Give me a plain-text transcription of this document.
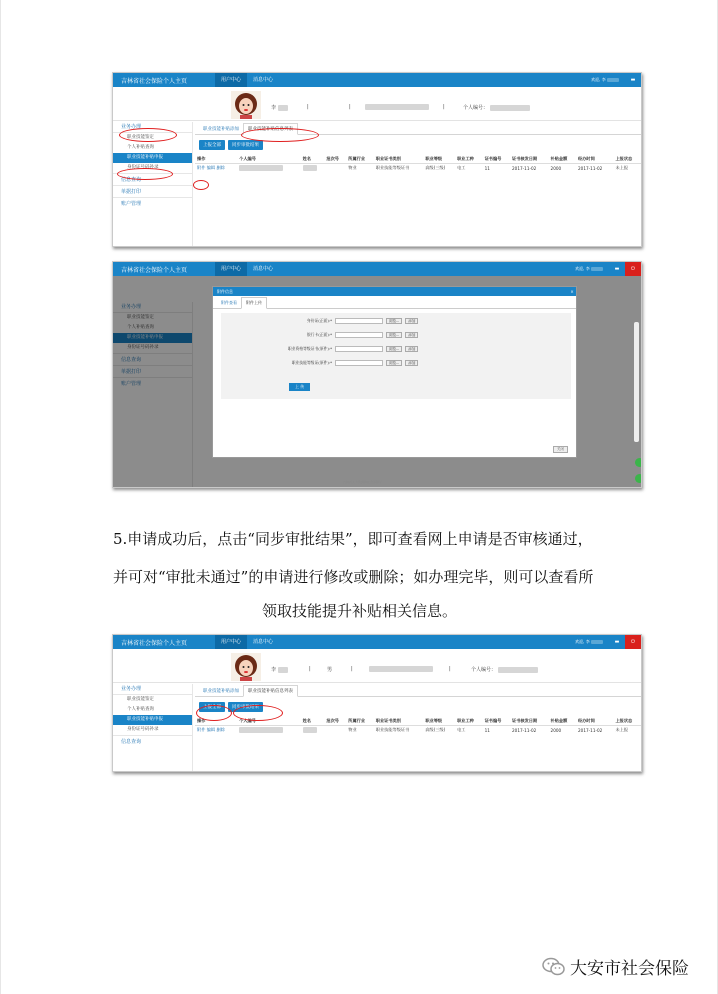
吉林省社会保险个人主页	用户中心	消息中心	欢迎, 李	▬
李	|	|	|	个人编号：
业务办理
职业技能鉴定
个人补贴查询
职业技能补贴申报
身份证号码补录
信息查询
单据打印
账户管理
职业技能补贴添加	职业技能补贴信息列表
上报全部	同步审批结果
操作	个人编号	姓名	批次号	所属行业	职业证书类别	职业等级	职业工种	证书编号	证书核发日期	补贴金额	经办时间	上报状态
附件 编辑 删除				物业	职业技能等级证书	高级(三级)	电工	11	2017-11-02	2000	2017-11-02	未上报
吉林省社会保险个人主页	用户中心	消息中心	欢迎, 李	▬	⏻
业务办理
职业技能鉴定
个人补贴查询
职业技能补贴申报
身份证号码补录
信息查询
单据打印
账户管理
附件信息	×
附件查看	附件上传
身份证(正面):*	浏览...	添加
银行卡(正面):*	浏览...	添加
职业资格等级证书(原件):*	浏览...	添加
职业技能等级证(原件):*	浏览...	添加
上 传
关闭
吉林省人力资源和社会保障厅
5.申请成功后，点击“同步审批结果”，即可查看网上申请是否审核通过，
并可对“审批未通过”的申请进行修改或删除；如办理完毕，则可以查看所
领取技能提升补贴相关信息。
吉林省社会保险个人主页	用户中心	消息中心	欢迎, 李	▬	⏻
李	|	男	|	|	个人编号：
业务办理
职业技能鉴定
个人补贴查询
职业技能补贴申报
身份证号码补录
信息查询
职业技能补贴添加	职业技能补贴信息列表
上报全部	同步审批结果
操作	个人编号	姓名	批次号	所属行业	职业证书类别	职业等级	职业工种	证书编号	证书核发日期	补贴金额	经办时间	上报状态
附件 编辑 删除				物业	职业技能等级证书	高级(三级)	电工	11	2017-11-02	2000	2017-11-02	未上报
大安市社会保险
